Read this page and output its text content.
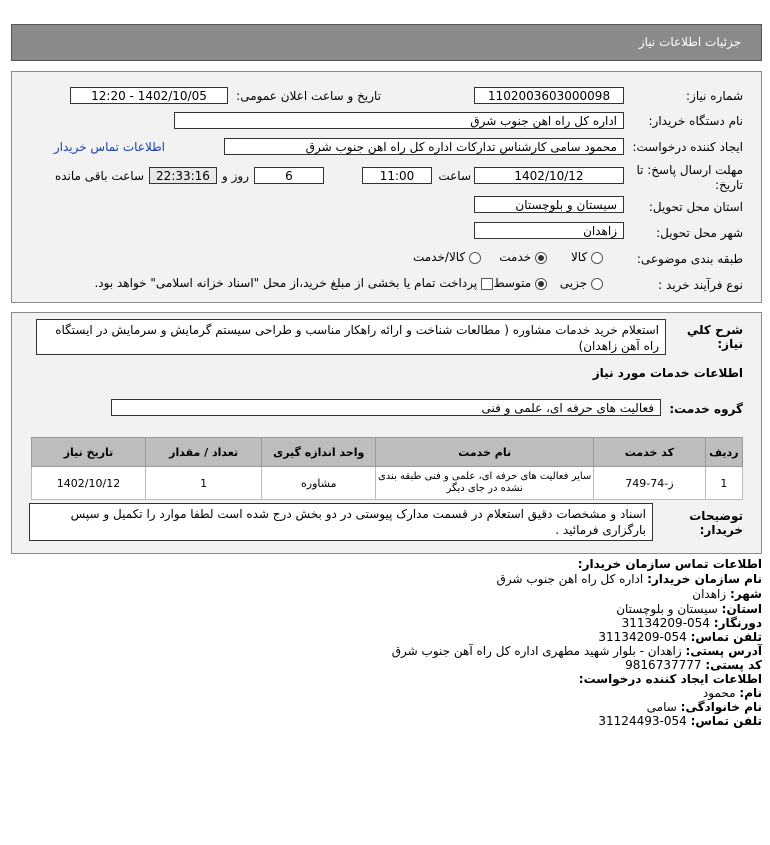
جزئیات اطلاعات نیاز
شماره نیاز:
1102003603000098
تاریخ و ساعت اعلان عمومی:
1402/10/05 - 12:20
نام دستگاه خریدار:
اداره کل راه اهن جنوب شرق
ایجاد کننده درخواست:
محمود سامی کارشناس تدارکات اداره کل راه اهن جنوب شرق
اطلاعات تماس خریدار
مهلت ارسال پاسخ: تا
تاریخ:
1402/10/12
ساعت
11:00
6
روز و
22:33:16
ساعت باقی مانده
استان محل تحویل:
سیستان و بلوچستان
شهر محل تحویل:
زاهدان
طبقه بندی موضوعی:
کالا
خدمت
کالا/خدمت
نوع فرآیند خرید :
جزیی
متوسط
پرداخت تمام یا بخشی از مبلغ خرید،از محل "اسناد خزانه اسلامی" خواهد بود.
شرح کلي نياز:
استعلام خرید خدمات مشاوره ( مطالعات شناخت و ارائه راهکار مناسب و طراحی سیستم گرمایش و سرمایش در ایستگاه راه آهن زاهدان)
اطلاعات خدمات مورد نیاز
گروه خدمت:
فعالیت های حرفه ای، علمی و فنی
ردیف	کد خدمت	نام خدمت	واحد اندازه گیری	تعداد / مقدار	تاریخ نیاز
1	ز-74-749	سایر فعالیت های حرفه ای، علمی و فنی طبقه بندی نشده در جای دیگر	مشاوره	1	1402/10/12
توضیحات خریدار:
اسناد و مشخصات دقیق استعلام در قسمت مدارک پیوستی در دو بخش درج شده است لطفا موارد را تکمیل و سپس بارگزاری فرمائید .
اطلاعات تماس سازمان خریدار:
نام سازمان خریدار: اداره کل راه اهن جنوب شرق
شهر: زاهدان
استان: سیستان و بلوچستان
دورنگار: 054-31134209
تلفن تماس: 054-31134209
آدرس پستی: زاهدان - بلوار شهید مطهری اداره کل راه آهن جنوب شرق
کد پستی: 9816737777
اطلاعات ایجاد کننده درخواست:
نام: محمود
نام خانوادگی: سامی
تلفن تماس: 054-31124493
